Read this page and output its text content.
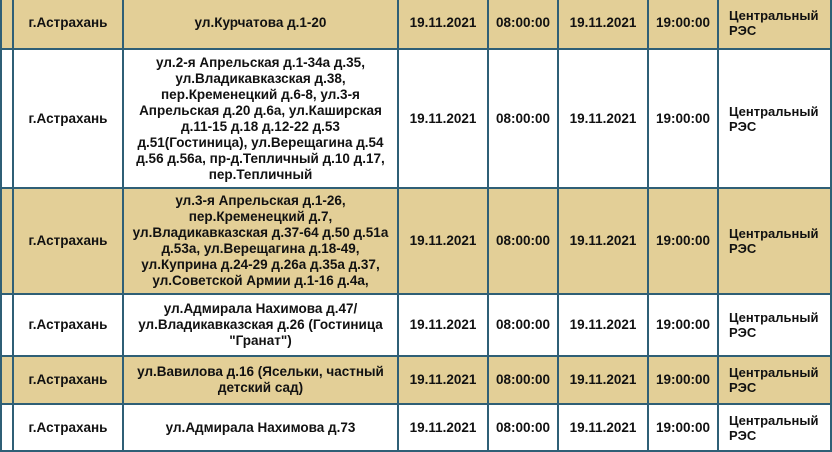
	г.Астрахань	ул.Курчатова д.1-20	19.11.2021	08:00:00	19.11.2021	19:00:00	Центральный РЭС

	г.Астрахань	ул.2-я Апрельская д.1-34а д.35, ул.Владикавказская д.38, пер.Кременецкий д.6-8, ул.3-я Апрельская д.20 д.6а, ул.Каширская д.11-15 д.18 д.12-22 д.53 д.51(Гостиница), ул.Верещагина д.54 д.56 д.56а, пр-д.Тепличный д.10 д.17, пер.Тепличный	19.11.2021	08:00:00	19.11.2021	19:00:00	Центральный РЭС

	г.Астрахань	ул.3-я Апрельская д.1-26, пер.Кременецкий д.7, ул.Владикавказская д.37-64 д.50 д.51а д.53а, ул.Верещагина д.18-49, ул.Куприна д.24-29 д.26а д.35а д.37, ул.Советской Армии д.1-16 д.4а,	19.11.2021	08:00:00	19.11.2021	19:00:00	Центральный РЭС

	г.Астрахань	ул.Адмирала Нахимова д.47/ ул.Владикавказская д.26 (Гостиница "Гранат")	19.11.2021	08:00:00	19.11.2021	19:00:00	Центральный РЭС

	г.Астрахань	ул.Вавилова д.16 (Ясельки, частный детский сад)	19.11.2021	08:00:00	19.11.2021	19:00:00	Центральный РЭС

	г.Астрахань	ул.Адмирала Нахимова д.73	19.11.2021	08:00:00	19.11.2021	19:00:00	Центральный РЭС
